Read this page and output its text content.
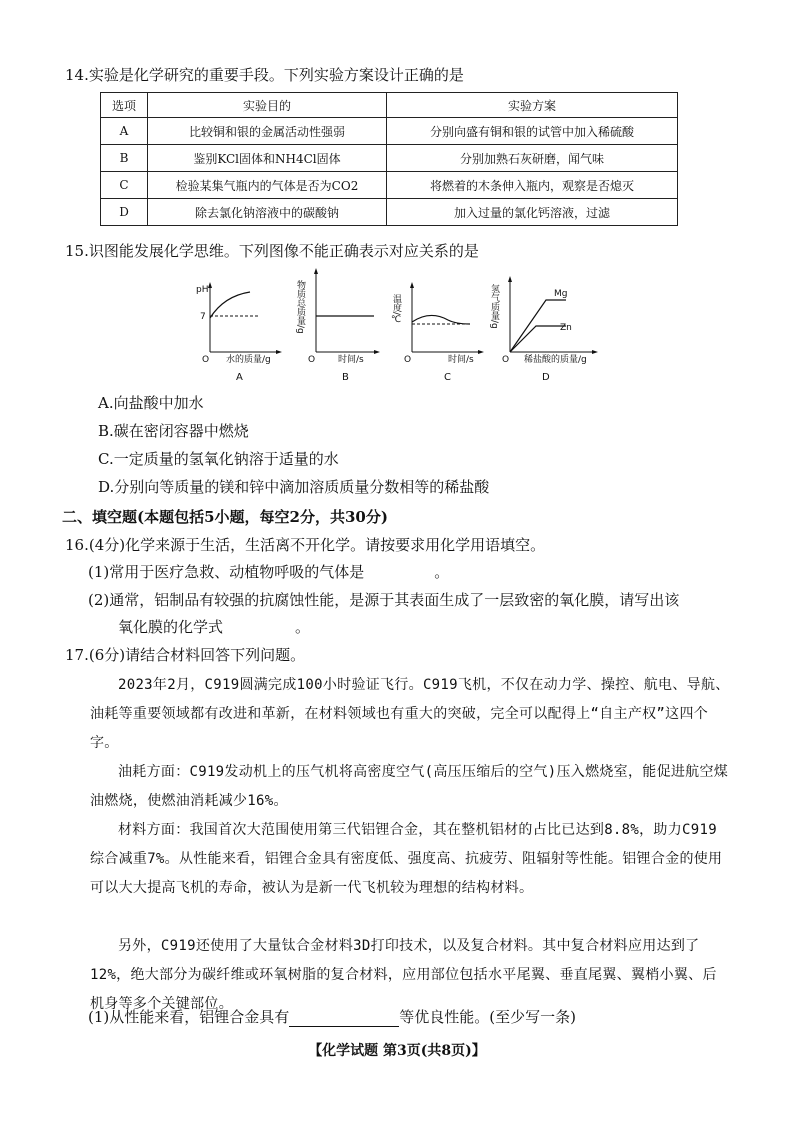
14.实验是化学研究的重要手段。下列实验方案设计正确的是
选项	实验目的	实验方案
A	比较铜和银的金属活动性强弱	分别向盛有铜和银的试管中加入稀硫酸
B	鉴别KCl固体和NH4Cl固体	分别加熟石灰研磨，闻气味
C	检验某集气瓶内的气体是否为CO2	将燃着的木条伸入瓶内，观察是否熄灭
D	除去氯化钠溶液中的碳酸钠	加入过量的氯化钙溶液，过滤
15.识图能发展化学思维。下列图像不能正确表示对应关系的是
pH
7
O 水的质量/g
A
物质总质量/g
O	时间/s
B
温度/℃
O	时间/s
C
氢气质量/g	Mg
Zn
O 稀盐酸的质量/g
D
A.向盐酸中加水
B.碳在密闭容器中燃烧
C.一定质量的氢氧化钠溶于适量的水
D.分别向等质量的镁和锌中滴加溶质质量分数相等的稀盐酸
二、填空题(本题包括5小题，每空2分，共30分)
16.(4分)化学来源于生活，生活离不开化学。请按要求用化学用语填空。
(1)常用于医疗急救、动植物呼吸的气体是	。
(2)通常，铝制品有较强的抗腐蚀性能，是源于其表面生成了一层致密的氧化膜，请写出该
氧化膜的化学式	。
17.(6分)请结合材料回答下列问题。
2023年2月，C919圆满完成100小时验证飞行。C919飞机，不仅在动力学、操控、航电、导航、油耗等重要领域都有改进和革新，在材料领域也有重大的突破，完全可以配得上“自主产权”这四个字。
油耗方面：C919发动机上的压气机将高密度空气(高压压缩后的空气)压入燃烧室，能促进航空煤油燃烧，使燃油消耗减少16%。
材料方面：我国首次大范围使用第三代铝锂合金，其在整机铝材的占比已达到8.8%，助力C919综合减重7%。从性能来看，铝锂合金具有密度低、强度高、抗疲劳、阻辐射等性能。铝锂合金的使用可以大大提高飞机的寿命，被认为是新一代飞机较为理想的结构材料。
另外，C919还使用了大量钛合金材料3D打印技术，以及复合材料。其中复合材料应用达到了12%，绝大部分为碳纤维或环氧树脂的复合材料，应用部位包括水平尾翼、垂直尾翼、翼梢小翼、后机身等多个关键部位。
(1)从性能来看，铝锂合金具有	等优良性能。(至少写一条)
【化学试题 第3页(共8页)】
